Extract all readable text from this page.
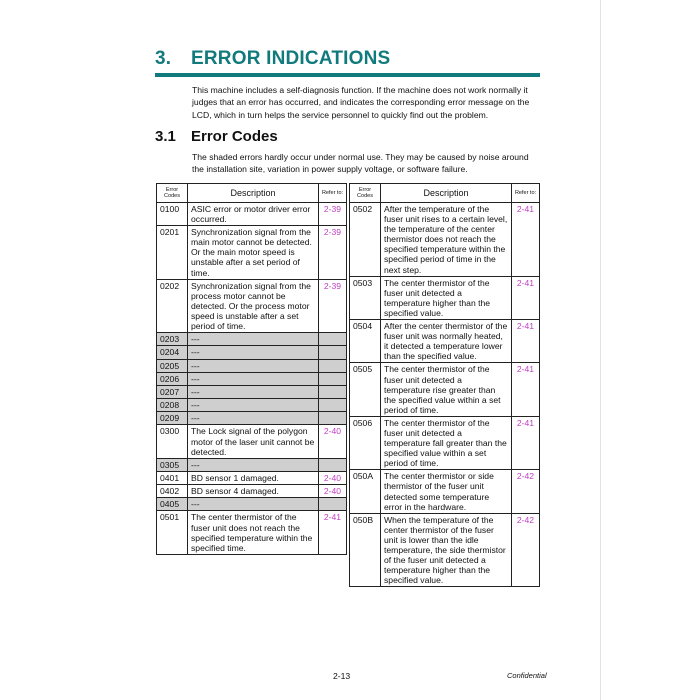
3. ERROR INDICATIONS
This machine includes a self-diagnosis function. If the machine does not work normally it judges that an error has occurred, and indicates the corresponding error message on the LCD, which in turn helps the service personnel to quickly find out the problem.
3.1 Error Codes
The shaded errors hardly occur under normal use. They may be caused by noise around the installation site, variation in power supply voltage, or software failure.
Error Codes	Description	Refer to:
0100	ASIC error or motor driver error occurred.	2-39
0201	Synchronization signal from the main motor cannot be detected. Or the main motor speed is unstable after a set period of time.	2-39
0202	Synchronization signal from the process motor cannot be detected. Or the process motor speed is unstable after a set period of time.	2-39
0203	---	
0204	---	
0205	---	
0206	---	
0207	---	
0208	---	
0209	---	
0300	The Lock signal of the polygon motor of the laser unit cannot be detected.	2-40
0305	---	
0401	BD sensor 1 damaged.	2-40
0402	BD sensor 4 damaged.	2-40
0405	---	
0501	The center thermistor of the fuser unit does not reach the specified temperature within the specified time.	2-41
Error Codes	Description	Refer to:
0502	After the temperature of the fuser unit rises to a certain level, the temperature of the center thermistor does not reach the specified temperature within the specified period of time in the next step.	2-41
0503	The center thermistor of the fuser unit detected a temperature higher than the specified value.	2-41
0504	After the center thermistor of the fuser unit was normally heated, it detected a temperature lower than the specified value.	2-41
0505	The center thermistor of the fuser unit detected a temperature rise greater than the specified value within a set period of time.	2-41
0506	The center thermistor of the fuser unit detected a temperature fall greater than the specified value within a set period of time.	2-41
050A	The center thermistor or side thermistor of the fuser unit detected some temperature error in the hardware.	2-42
050B	When the temperature of the center thermistor of the fuser unit is lower than the idle temperature, the side thermistor of the fuser unit detected a temperature higher than the specified value.	2-42
2-13	Confidential
